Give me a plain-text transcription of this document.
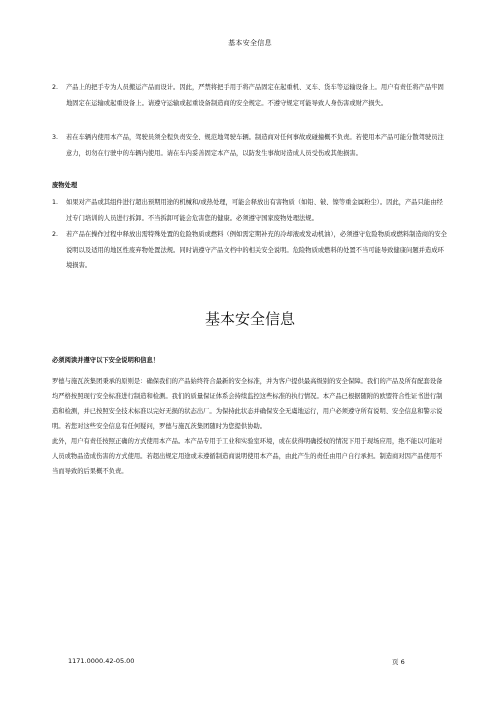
基本安全信息
2.	产品上的把手专为人员搬运产品而设计。因此，严禁将把手用于将产品固定在起重机、叉车、货车等运输设备上。用户有责任将产品牢固地固定在运输或起重设备上。请遵守运输或起重设备制造商的安全规定。不遵守规定可能导致人身伤害或财产损失。
3.	若在车辆内使用本产品，驾驶员须全程负责安全、规范地驾驶车辆。制造商对任何事故或碰撞概不负责。若使用本产品可能分散驾驶员注意力，切勿在行驶中的车辆内使用。请在车内妥善固定本产品，以防发生事故时造成人员受伤或其他损害。
废物处理
1.	如果对产品或其组件进行超出预期用途的机械和/或热处理，可能会释放出有害物质（如铅、铍、镍等重金属粉尘）。因此，产品只能由经过专门培训的人员进行拆卸。不当拆卸可能会危害您的健康。必须遵守国家废物处理法规。
2.	若产品在操作过程中释放出需特殊处置的危险物质或燃料（例如需定期补充的冷却液或发动机油），必须遵守危险物质或燃料制造商的安全说明以及适用的地区性废弃物处置法规。同时请遵守产品文档中的相关安全说明。危险物质或燃料的处置不当可能导致健康问题并造成环境损害。
基本安全信息
必须阅读并遵守以下安全说明和信息！
罗德与施瓦茨集团秉承的原则是：确保我们的产品始终符合最新的安全标准，并为客户提供最高级别的安全保障。我们的产品及所有配套设备均严格按照现行安全标准进行制造和检测。我们的质量保证体系会持续监控这些标准的执行情况。本产品已根据随附的欧盟符合性证书进行制造和检测，并已按照安全技术标准以完好无损的状态出厂。为保持此状态并确保安全无虞地运行，用户必须遵守所有说明、安全信息和警示说明。若您对这些安全信息有任何疑问，罗德与施瓦茨集团随时为您提供协助。
此外，用户有责任按照正确的方式使用本产品。本产品专用于工业和实验室环境，或在获得明确授权的情况下用于现场应用，绝不能以可能对人员或物品造成伤害的方式使用。若超出规定用途或未遵循制造商说明使用本产品，由此产生的责任由用户自行承担。制造商对因产品使用不当而导致的后果概不负责。
1171.0000.42-05.00	页 6
